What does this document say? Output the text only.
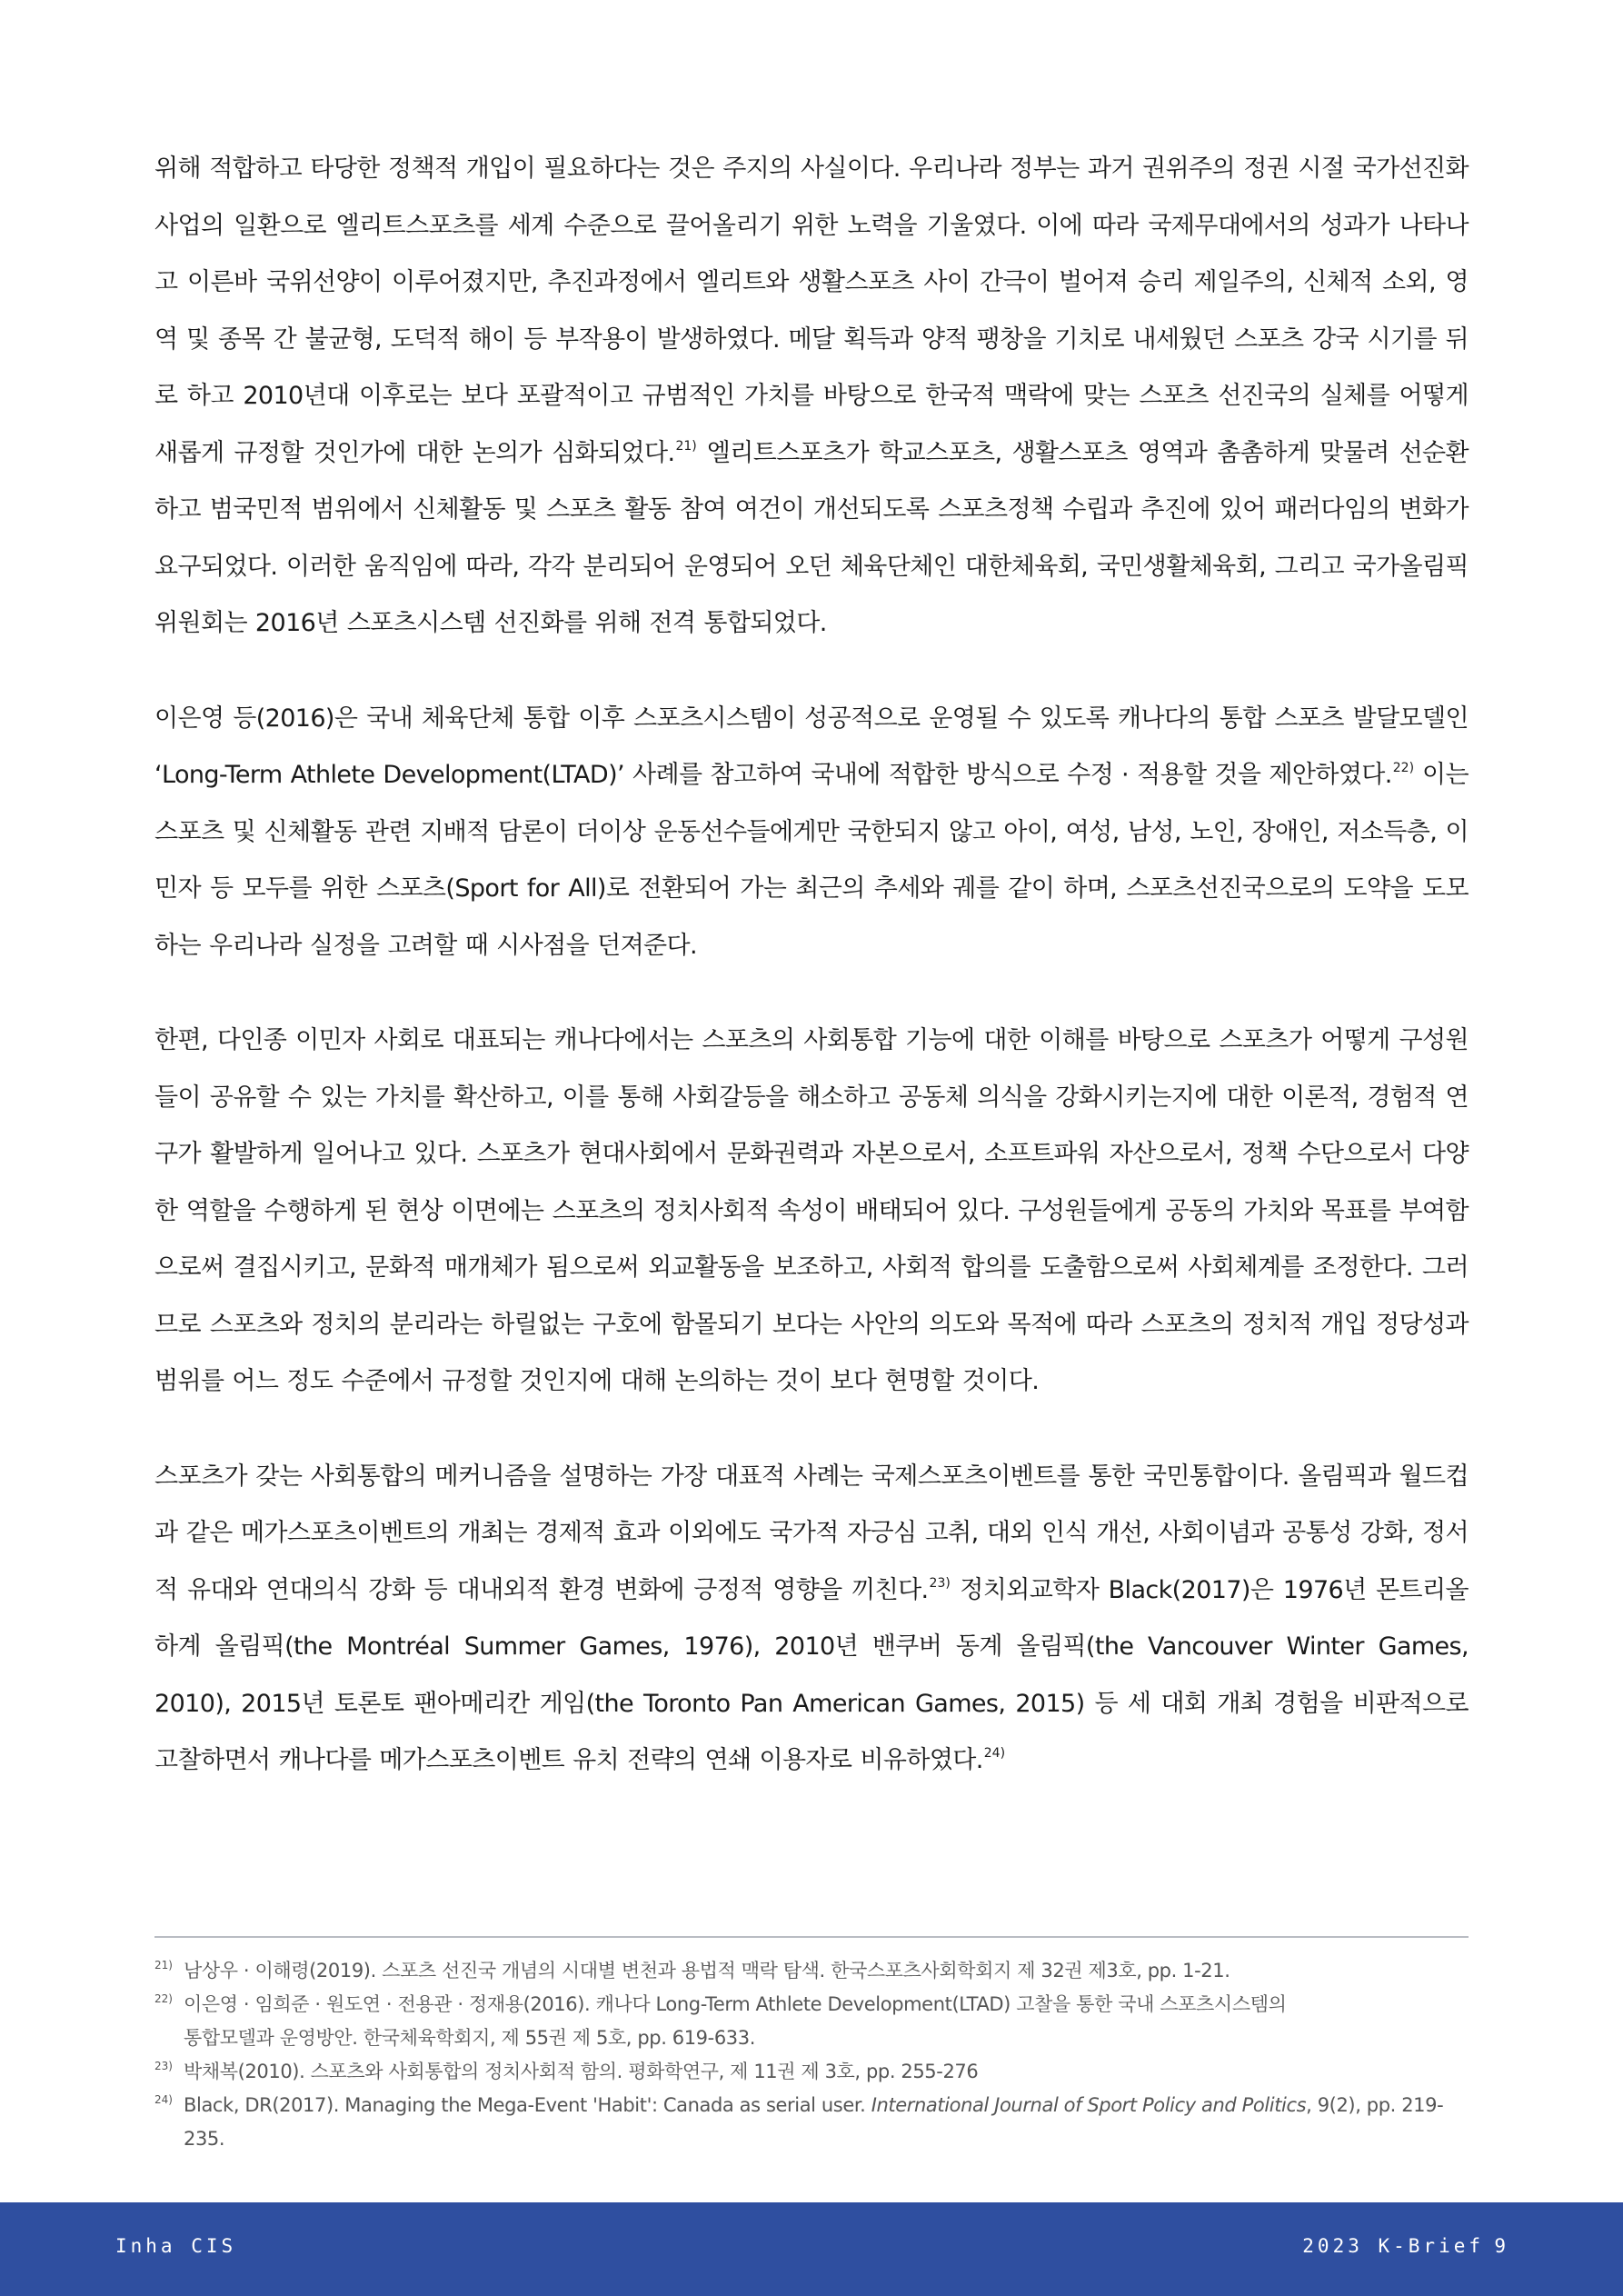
위해 적합하고 타당한 정책적 개입이 필요하다는 것은 주지의 사실이다. 우리나라 정부는 과거 권위주의 정권 시절 국가선진화 사업의 일환으로 엘리트스포츠를 세계 수준으로 끌어올리기 위한 노력을 기울였다. 이에 따라 국제무대에서의 성과가 나타나고 이른바 국위선양이 이루어졌지만, 추진과정에서 엘리트와 생활스포츠 사이 간극이 벌어져 승리 제일주의, 신체적 소외, 영역 및 종목 간 불균형, 도덕적 해이 등 부작용이 발생하였다. 메달 획득과 양적 팽창을 기치로 내세웠던 스포츠 강국 시기를 뒤로 하고 2010년대 이후로는 보다 포괄적이고 규범적인 가치를 바탕으로 한국적 맥락에 맞는 스포츠 선진국의 실체를 어떻게 새롭게 규정할 것인가에 대한 논의가 심화되었다.$^{21)}$ 엘리트스포츠가 학교스포츠, 생활스포츠 영역과 촘촘하게 맞물려 선순환 하고 범국민적 범위에서 신체활동 및 스포츠 활동 참여 여건이 개선되도록 스포츠정책 수립과 추진에 있어 패러다임의 변화가 요구되었다. 이러한 움직임에 따라, 각각 분리되어 운영되어 오던 체육단체인 대한체육회, 국민생활체육회, 그리고 국가올림픽위원회는 2016년 스포츠시스템 선진화를 위해 전격 통합되었다.

이은영 등(2016)은 국내 체육단체 통합 이후 스포츠시스템이 성공적으로 운영될 수 있도록 캐나다의 통합 스포츠 발달모델인 ‘Long-Term Athlete Development(LTAD)’ 사례를 참고하여 국내에 적합한 방식으로 수정 · 적용할 것을 제안하였다.$^{22)}$ 이는 스포츠 및 신체활동 관련 지배적 담론이 더이상 운동선수들에게만 국한되지 않고 아이, 여성, 남성, 노인, 장애인, 저소득층, 이민자 등 모두를 위한 스포츠(Sport for All)로 전환되어 가는 최근의 추세와 궤를 같이 하며, 스포츠선진국으로의 도약을 도모하는 우리나라 실정을 고려할 때 시사점을 던져준다.

한편, 다인종 이민자 사회로 대표되는 캐나다에서는 스포츠의 사회통합 기능에 대한 이해를 바탕으로 스포츠가 어떻게 구성원들이 공유할 수 있는 가치를 확산하고, 이를 통해 사회갈등을 해소하고 공동체 의식을 강화시키는지에 대한 이론적, 경험적 연구가 활발하게 일어나고 있다. 스포츠가 현대사회에서 문화권력과 자본으로서, 소프트파워 자산으로서, 정책 수단으로서 다양한 역할을 수행하게 된 현상 이면에는 스포츠의 정치사회적 속성이 배태되어 있다. 구성원들에게 공동의 가치와 목표를 부여함으로써 결집시키고, 문화적 매개체가 됨으로써 외교활동을 보조하고, 사회적 합의를 도출함으로써 사회체계를 조정한다. 그러므로 스포츠와 정치의 분리라는 하릴없는 구호에 함몰되기 보다는 사안의 의도와 목적에 따라 스포츠의 정치적 개입 정당성과 범위를 어느 정도 수준에서 규정할 것인지에 대해 논의하는 것이 보다 현명할 것이다.

스포츠가 갖는 사회통합의 메커니즘을 설명하는 가장 대표적 사례는 국제스포츠이벤트를 통한 국민통합이다. 올림픽과 월드컵과 같은 메가스포츠이벤트의 개최는 경제적 효과 이외에도 국가적 자긍심 고취, 대외 인식 개선, 사회이념과 공통성 강화, 정서적 유대와 연대의식 강화 등 대내외적 환경 변화에 긍정적 영향을 끼친다.$^{23)}$ 정치외교학자 Black(2017)은 1976년 몬트리올 하계 올림픽(the Montréal Summer Games, 1976), 2010년 밴쿠버 동계 올림픽(the Vancouver Winter Games, 2010), 2015년 토론토 팬아메리칸 게임(the Toronto Pan American Games, 2015) 등 세 대회 개최 경험을 비판적으로 고찰하면서 캐나다를 메가스포츠이벤트 유치 전략의 연쇄 이용자로 비유하였다.$^{24)}$

21) 남상우 · 이해령(2019). 스포츠 선진국 개념의 시대별 변천과 용법적 맥락 탐색. 한국스포츠사회학회지 제 32권 제3호, pp. 1-21.
22) 이은영 · 임희준 · 원도연 · 전용관 · 정재용(2016). 캐나다 Long-Term Athlete Development(LTAD) 고찰을 통한 국내 스포츠시스템의
통합모델과 운영방안. 한국체육학회지, 제 55권 제 5호, pp. 619-633.
23) 박채복(2010). 스포츠와 사회통합의 정치사회적 함의. 평화학연구, 제 11권 제 3호, pp. 255-276
24) Black, DR(2017). Managing the Mega-Event 'Habit': Canada as serial user. International Journal of Sport Policy and Politics, 9(2), pp. 219-235.
Inha CIS	2023 K-Brief 9
